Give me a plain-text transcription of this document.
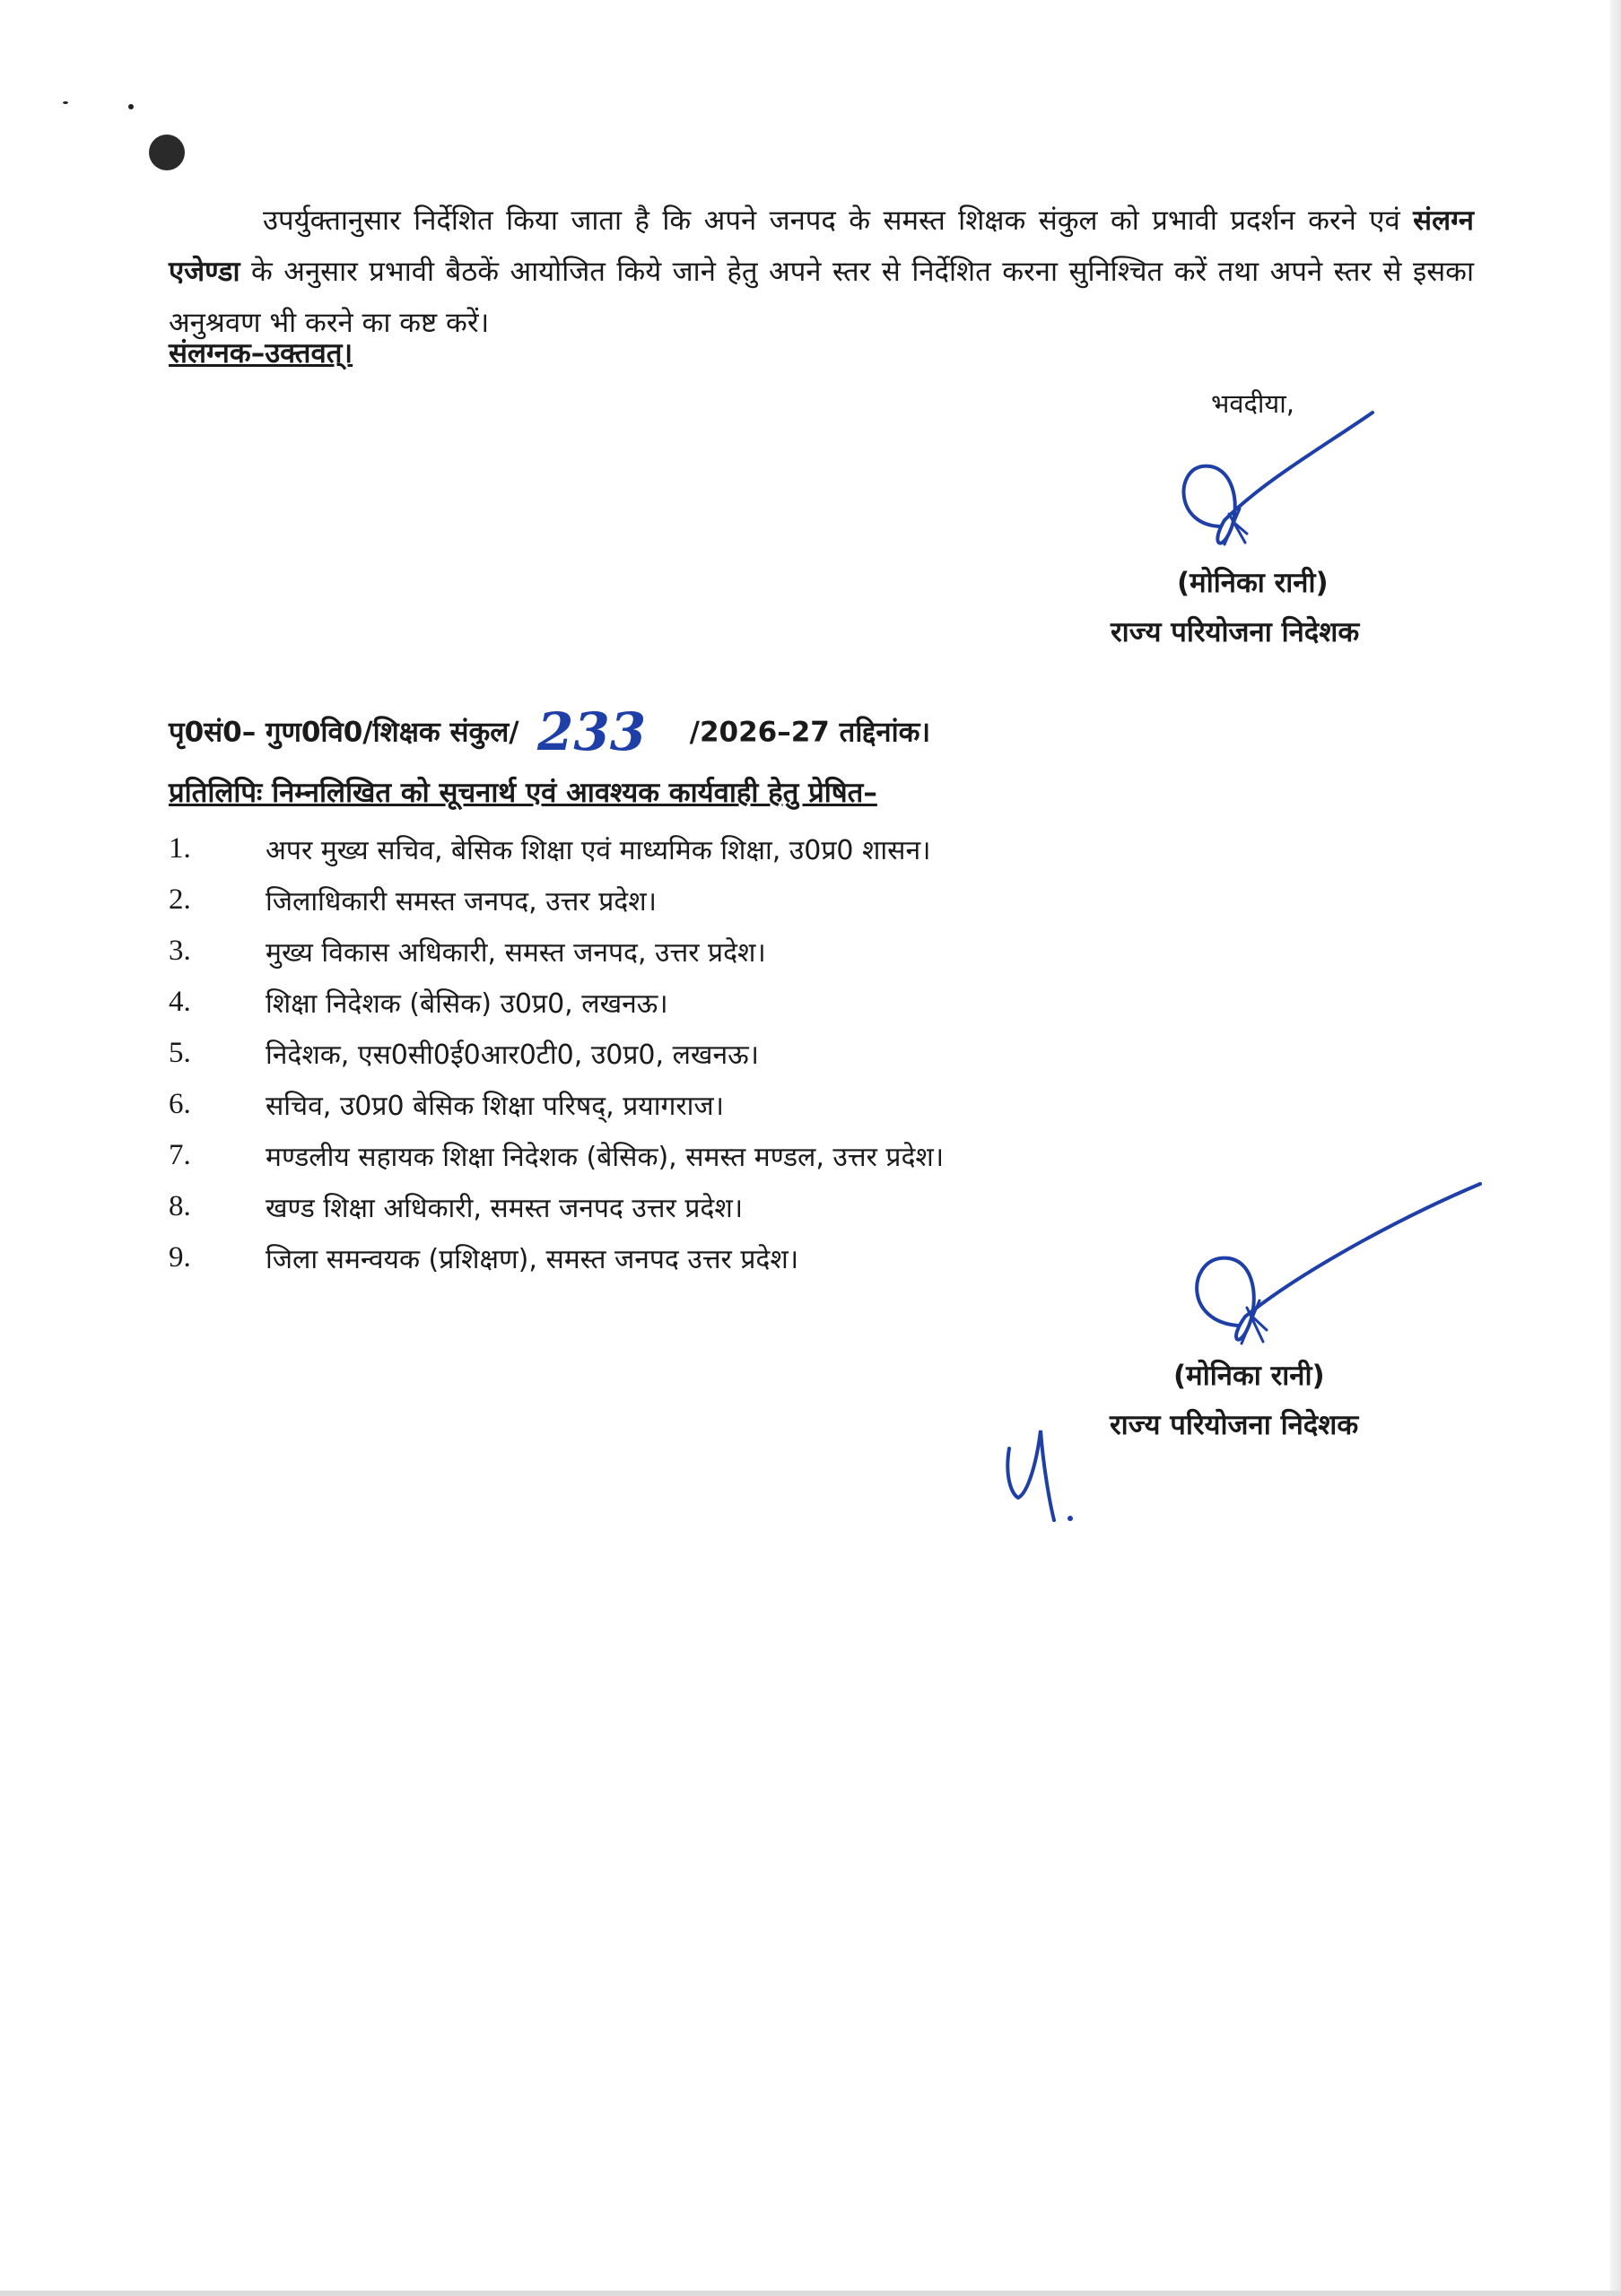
उपर्युक्तानुसार निर्देशित किया जाता है कि अपने जनपद के समस्त शिक्षक संकुल को प्रभावी प्रदर्शन करने एवं संलग्न एजेण्डा के अनुसार प्रभावी बैठकें आयोजित किये जाने हेतु अपने स्तर से निर्देशित करना सुनिश्चित करें तथा अपने स्तर से इसका अनुश्रवण भी करने का कष्ट करें।
संलग्नक–उक्तवत्।
भवदीया,
(मोनिका रानी)
राज्य परियोजना निदेशक
पृ0सं0– गुण0वि0/शिक्षक संकुल/ 233 /2026–27 तद्दिनांक।
प्रतिलिपिः निम्नलिखित को सूचनार्थ एवं आवश्यक कार्यवाही हेतु प्रेषित–
1.	अपर मुख्य सचिव, बेसिक शिक्षा एवं माध्यमिक शिक्षा, उ0प्र0 शासन।
2.	जिलाधिकारी समस्त जनपद, उत्तर प्रदेश।
3.	मुख्य विकास अधिकारी, समस्त जनपद, उत्तर प्रदेश।
4.	शिक्षा निदेशक (बेसिक) उ0प्र0, लखनऊ।
5.	निदेशक, एस0सी0ई0आर0टी0, उ0प्र0, लखनऊ।
6.	सचिव, उ0प्र0 बेसिक शिक्षा परिषद्, प्रयागराज।
7.	मण्डलीय सहायक शिक्षा निदेशक (बेसिक), समस्त मण्डल, उत्तर प्रदेश।
8.	खण्ड शिक्षा अधिकारी, समस्त जनपद उत्तर प्रदेश।
9.	जिला समन्वयक (प्रशिक्षण), समस्त जनपद उत्तर प्रदेश।
(मोनिका रानी)
राज्य परियोजना निदेशक
